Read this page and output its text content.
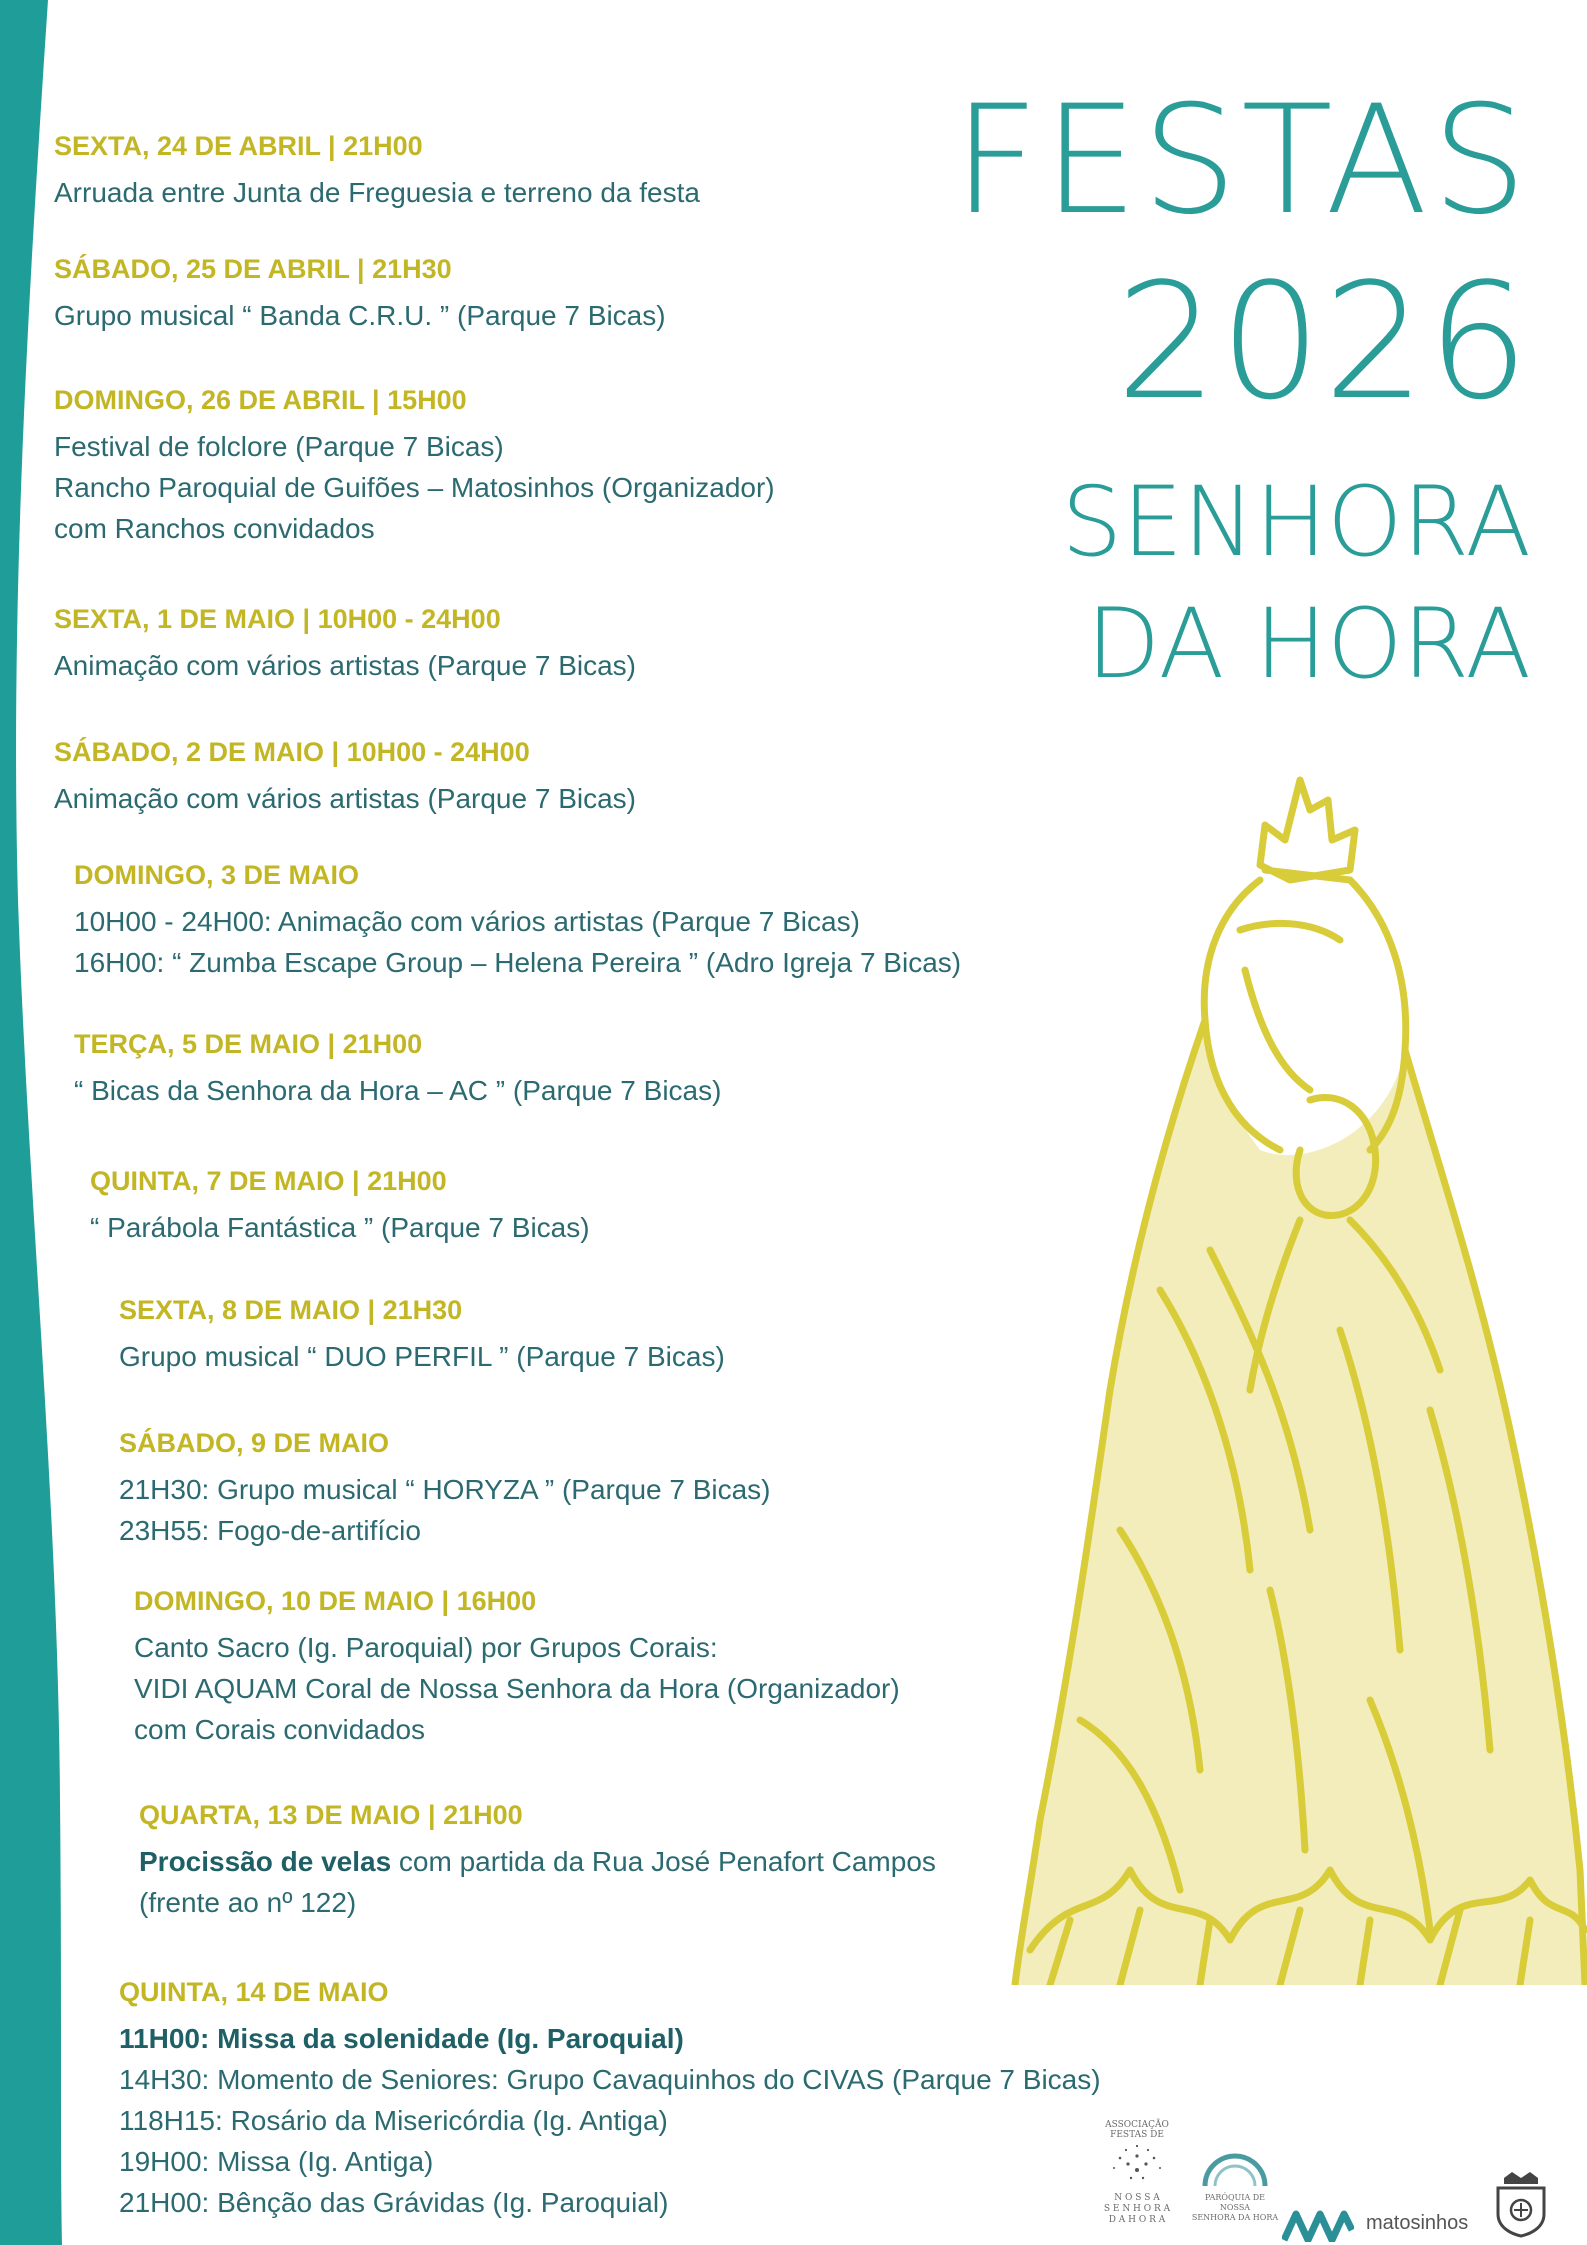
FESTAS
2026
SENHORA
DA HORA
SEXTA, 24 DE ABRIL | 21H00
Arruada entre Junta de Freguesia e terreno da festa
SÁBADO, 25 DE ABRIL | 21H30
Grupo musical “ Banda C.R.U. ” (Parque 7 Bicas)
DOMINGO, 26 DE ABRIL | 15H00
Festival de folclore (Parque 7 Bicas)
Rancho Paroquial de Guifões – Matosinhos (Organizador)
com Ranchos convidados
SEXTA, 1 DE MAIO | 10H00 - 24H00
Animação com vários artistas (Parque 7 Bicas)
SÁBADO, 2 DE MAIO | 10H00 - 24H00
Animação com vários artistas (Parque 7 Bicas)
DOMINGO, 3 DE MAIO
10H00 - 24H00: Animação com vários artistas (Parque 7 Bicas)
16H00: “ Zumba Escape Group – Helena Pereira ” (Adro Igreja 7 Bicas)
TERÇA, 5 DE MAIO | 21H00
“ Bicas da Senhora da Hora – AC ” (Parque 7 Bicas)
QUINTA, 7 DE MAIO | 21H00
“ Parábola Fantástica ” (Parque 7 Bicas)
SEXTA, 8 DE MAIO | 21H30
Grupo musical “ DUO PERFIL ” (Parque 7 Bicas)
SÁBADO, 9 DE MAIO
21H30: Grupo musical “ HORYZA ” (Parque 7 Bicas)
23H55: Fogo-de-artifício
DOMINGO, 10 DE MAIO | 16H00
Canto Sacro (Ig. Paroquial) por Grupos Corais:
VIDI AQUAM Coral de Nossa Senhora da Hora (Organizador)
com Corais convidados
QUARTA, 13 DE MAIO | 21H00
Procissão de velas com partida da Rua José Penafort Campos
(frente ao nº 122)
QUINTA, 14 DE MAIO
11H00: Missa da solenidade (Ig. Paroquial)
14H30: Momento de Seniores: Grupo Cavaquinhos do CIVAS (Parque 7 Bicas)
118H15: Rosário da Misericórdia (Ig. Antiga)
19H00: Missa (Ig. Antiga)
21H00: Bênção das Grávidas (Ig. Paroquial)
ASSOCIAÇÃO
FESTAS DE
N O S S A
S E N H O R A
D A H O R A
PARÓQUIA DE NOSSA
SENHORA DA HORA	matosinhos
